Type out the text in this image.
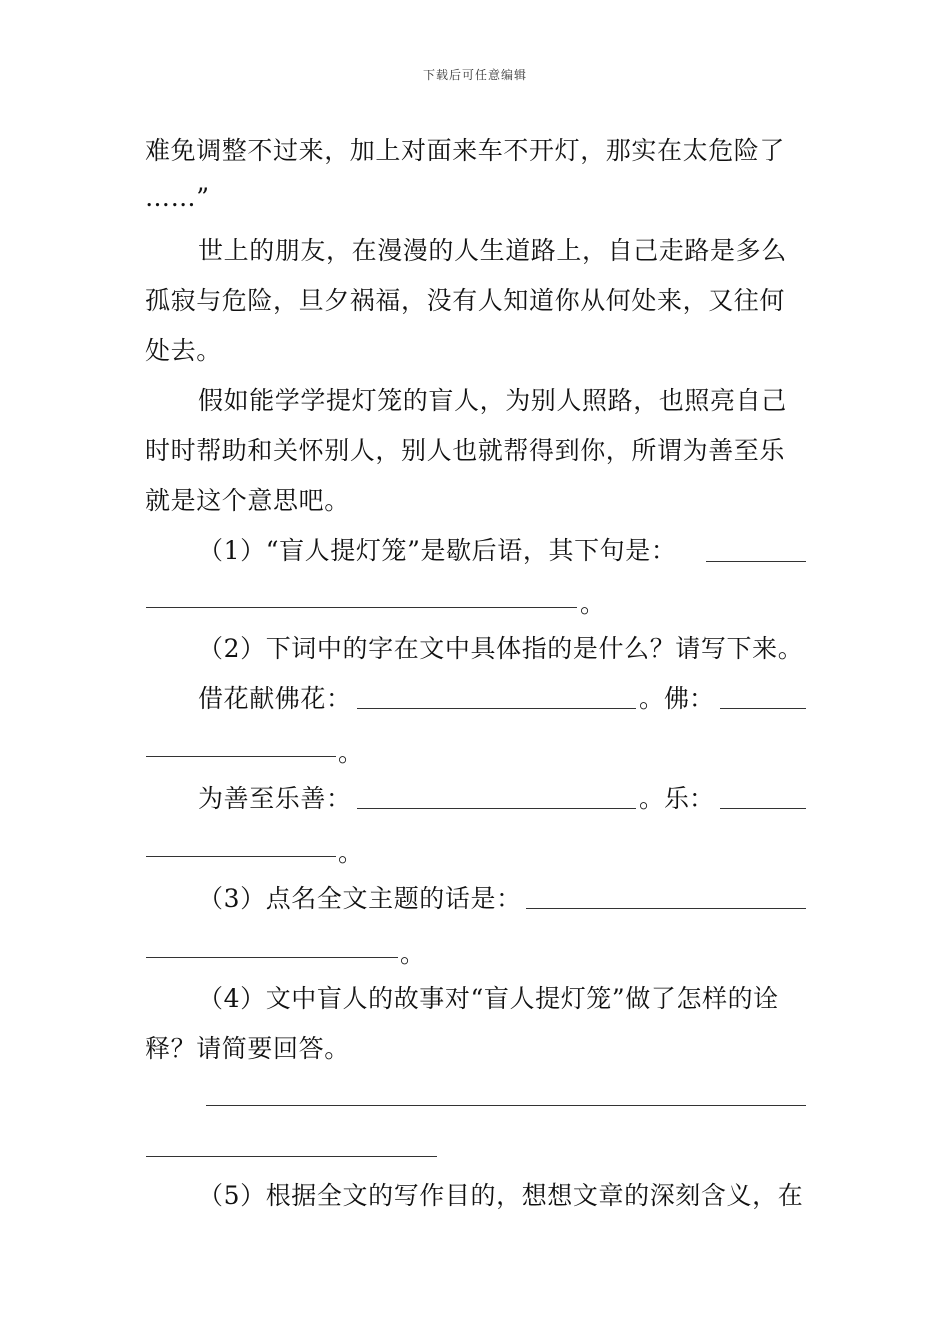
下载后可任意编辑
难免调整不过来，加上对面来车不开灯，那实在太危险了
……”
世上的朋友，在漫漫的人生道路上，自己走路是多么
孤寂与危险，旦夕祸福，没有人知道你从何处来，又往何
处去。
假如能学学提灯笼的盲人，为别人照路，也照亮自己
时时帮助和关怀别人，别人也就帮得到你，所谓为善至乐
就是这个意思吧。
（1）“盲人提灯笼”是歇后语，其下句是：
。
（2）下词中的字在文中具体指的是什么？请写下来。
借花献佛花：	。佛：
。
为善至乐善：	。乐：
。
（3）点名全文主题的话是：
。
（4）文中盲人的故事对“盲人提灯笼”做了怎样的诠
释？请简要回答。
（5）根据全文的写作目的，想想文章的深刻含义，在
